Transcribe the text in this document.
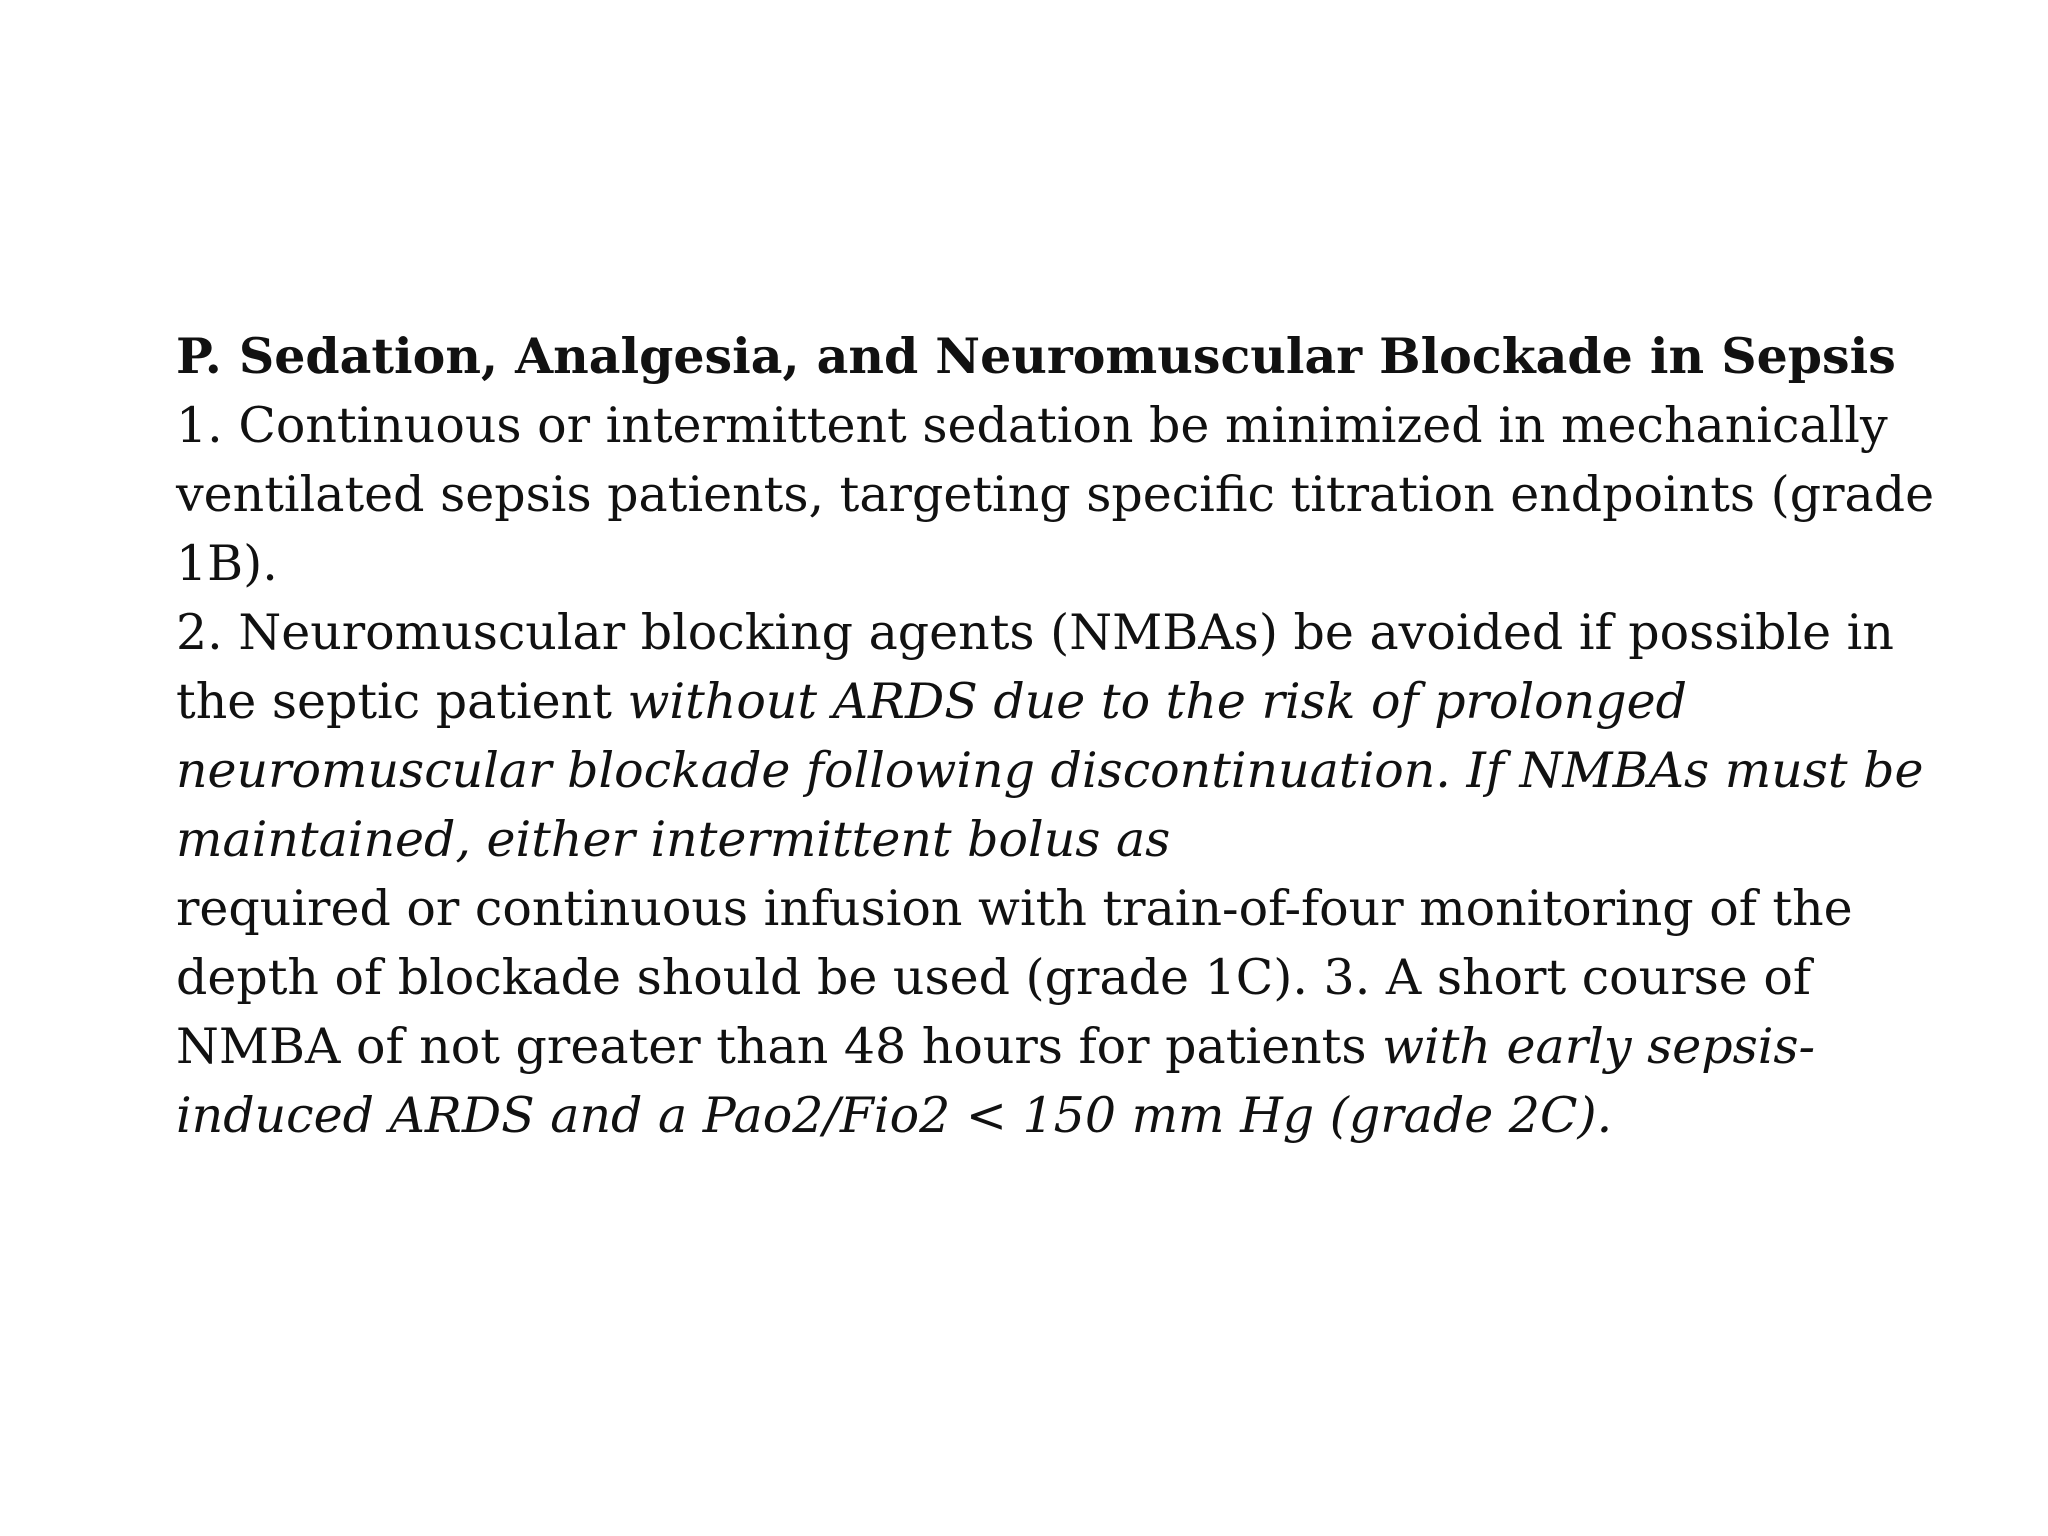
P. Sedation, Analgesia, and Neuromuscular Blockade in Sepsis
1. Continuous or intermittent sedation be minimized in mechanically
ventilated sepsis patients, targeting specific titration endpoints (grade
1B).
2. Neuromuscular blocking agents (NMBAs) be avoided if possible in
the septic patient without ARDS due to the risk of prolonged
neuromuscular blockade following discontinuation. If NMBAs must be
maintained, either intermittent bolus as
required or continuous infusion with train-of-four monitoring of the
depth of blockade should be used (grade 1C). 3. A short course of
NMBA of not greater than 48 hours for patients with early sepsis-
induced ARDS and a Pao2/Fio2 < 150 mm Hg (grade 2C).
